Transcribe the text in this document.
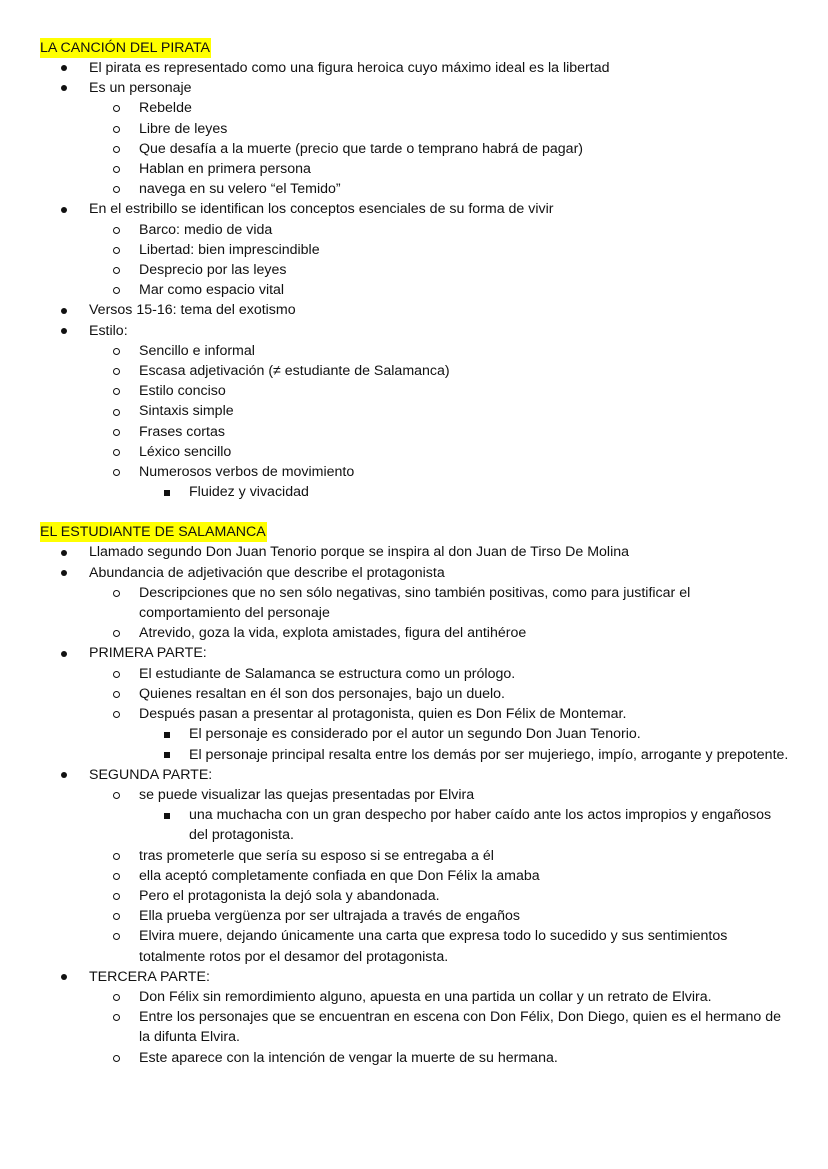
LA CANCIÓN DEL PIRATA
El pirata es representado como una figura heroica cuyo máximo ideal es la libertad
Es un personaje
Rebelde
Libre de leyes
Que desafía a la muerte (precio que tarde o temprano habrá de pagar)
Hablan en primera persona
navega en su velero “el Temido”
En el estribillo se identifican los conceptos esenciales de su forma de vivir
Barco: medio de vida
Libertad: bien imprescindible
Desprecio por las leyes
Mar como espacio vital
Versos 15-16: tema del exotismo
Estilo:
Sencillo e informal
Escasa adjetivación (≠ estudiante de Salamanca)
Estilo conciso
Sintaxis simple
Frases cortas
Léxico sencillo
Numerosos verbos de movimiento
Fluidez y vivacidad
EL ESTUDIANTE DE SALAMANCA
Llamado segundo Don Juan Tenorio porque se inspira al don Juan de Tirso De Molina
Abundancia de adjetivación que describe el protagonista
Descripciones que no sen sólo negativas, sino también positivas, como para justificar el comportamiento del personaje
Atrevido, goza la vida, explota amistades, figura del antihéroe
PRIMERA PARTE:
El estudiante de Salamanca se estructura como un prólogo.
Quienes resaltan en él son dos personajes, bajo un duelo.
Después pasan a presentar al protagonista, quien es Don Félix de Montemar.
El personaje es considerado por el autor un segundo Don Juan Tenorio.
El personaje principal resalta entre los demás por ser mujeriego, impío, arrogante y prepotente.
SEGUNDA PARTE:
se puede visualizar las quejas presentadas por Elvira
una muchacha con un gran despecho por haber caído ante los actos impropios y engañosos del protagonista.
tras prometerle que sería su esposo si se entregaba a él
ella aceptó completamente confiada en que Don Félix la amaba
Pero el protagonista la dejó sola y abandonada.
Ella prueba vergüenza por ser ultrajada a través de engaños
Elvira muere, dejando únicamente una carta que expresa todo lo sucedido y sus sentimientos totalmente rotos por el desamor del protagonista.
TERCERA PARTE:
Don Félix sin remordimiento alguno, apuesta en una partida un collar y un retrato de Elvira.
Entre los personajes que se encuentran en escena con Don Félix, Don Diego, quien es el hermano de la difunta Elvira.
Este aparece con la intención de vengar la muerte de su hermana.
